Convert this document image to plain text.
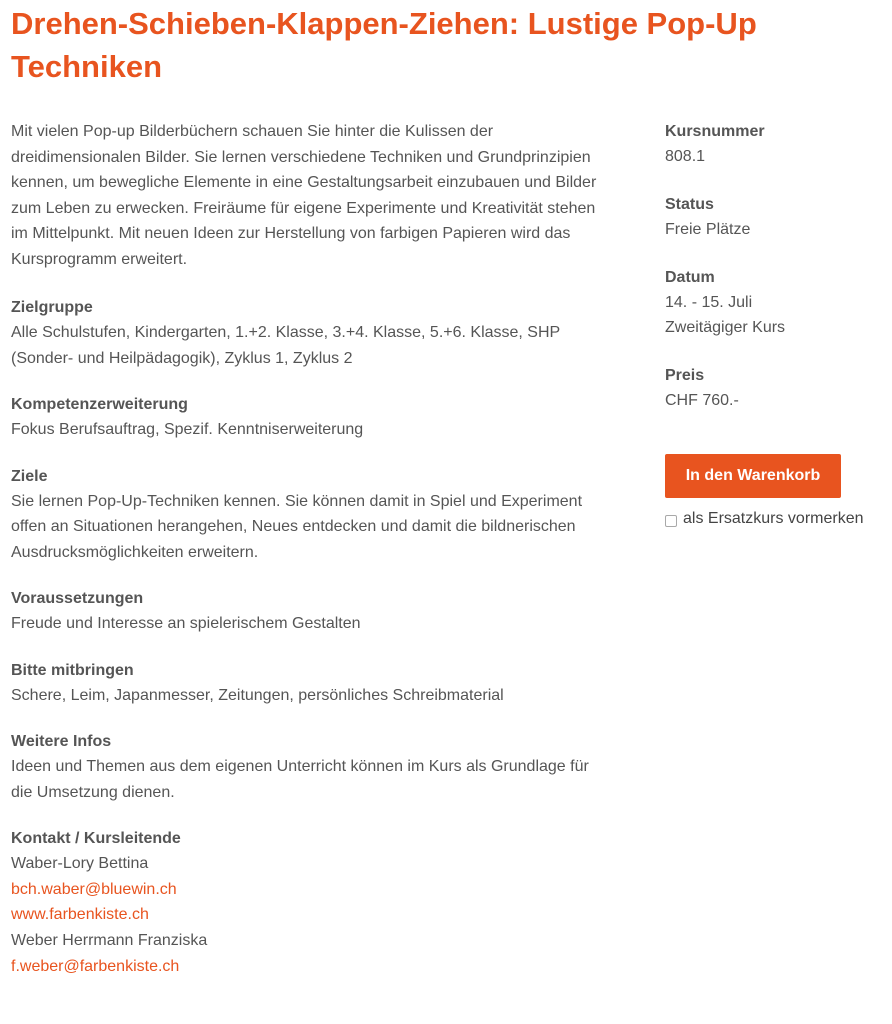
Drehen-Schieben-Klappen-Ziehen: Lustige Pop-Up Techniken

Mit vielen Pop-up Bilderbüchern schauen Sie hinter die Kulissen der dreidimensionalen Bilder. Sie lernen verschiedene Techniken und Grundprinzipien kennen, um bewegliche Elemente in eine Gestaltungsarbeit einzubauen und Bilder zum Leben zu erwecken. Freiräume für eigene Experimente und Kreativität stehen im Mittelpunkt. Mit neuen Ideen zur Herstellung von farbigen Papieren wird das Kursprogramm erweitert.

Zielgruppe

Alle Schulstufen, Kindergarten, 1.+2. Klasse, 3.+4. Klasse, 5.+6. Klasse, SHP (Sonder- und Heilpädagogik), Zyklus 1, Zyklus 2

Kompetenzerweiterung

Fokus Berufsauftrag, Spezif. Kenntniserweiterung

Ziele

Sie lernen Pop-Up-Techniken kennen. Sie können damit in Spiel und Experiment offen an Situationen herangehen, Neues entdecken und damit die bildnerischen Ausdrucksmöglichkeiten erweitern.

Voraussetzungen

Freude und Interesse an spielerischem Gestalten

Bitte mitbringen

Schere, Leim, Japanmesser, Zeitungen, persönliches Schreibmaterial

Weitere Infos

Ideen und Themen aus dem eigenen Unterricht können im Kurs als Grundlage für die Umsetzung dienen.

Kontakt / Kursleitende
Waber-Lory Bettina
bch.waber@bluewin.ch
www.farbenkiste.ch
Weber Herrmann Franziska
f.weber@farbenkiste.ch
Kursnummer
808.1
Status
Freie Plätze
Datum
14. - 15. Juli
Zweitägiger Kurs
Preis
CHF 760.-
In den Warenkorb
als Ersatzkurs vormerken
